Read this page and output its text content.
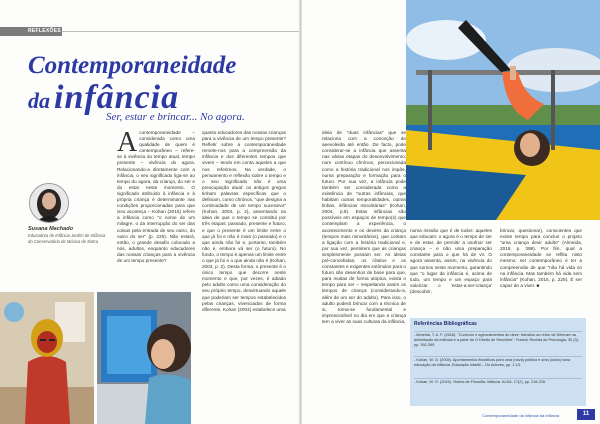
REFLEXÕES
Contemporaneidade
da infância
Ser, estar e brincar... No agora.
Susana Machado
Educadora de Infância Jardim de Infância do Conservatório de Música de Sintra
A contemporaneidade – considerada como uma qualidade de quem é contemporâneo – refere-se à vivência do tempo atual, tempo presente – vivência do agora. Relacionando-a diretamente com a infância, o seu significado liga-se ao tempo do agora, da criança, do ser e do estar neste momento. O significado atribuído à infância e à própria criança é determinante nas condições proporcionadas para que isso aconteça – Kohan (2015) refere a infância como "o nome de um milagre, o da interrupção do ser das coisas pela entrada de seu outro, do outro do ser" (p. 225). Não estará, então, o grande desafio colocado a nós, adultos, enquanto educadores das nossas crianças para a vivência de um tempo presente?

quanto educadores das nossas crianças para a vivência de um tempo presente? Refletir sobre a contemporaneidade remete-nos para a compreensão da infância e dos diferentes tempos que vivem – tendo em conta aqueles a que nos referimos. Na verdade, o pensamento e reflexão sobre o tempo e o seu significado não é uma preocupação atual: os antigos gregos tinham palavras específicas que o definiam, como chrónos, "que designa a continuidade de um tempo sucessivo" (Kohan, 2004, p. 2), assentando na ideia de que o tempo se constitui por três etapas: passado, presente e futuro, e que o presente é um limite entre o que já foi e não é mais (o passado) e o que ainda não foi e, portanto, também não é, embora vá ser (o futuro). No fundo, o tempo é apenas um limite entre o que já foi e o que ainda não é (Kohan, 2004, p. 2). Desta forma, o presente é o único tempo que decorre neste momento e que, por vezes, é adiado pelo adulto como uma consideração do seu próprio tempo, desvirtuando aquele que poderiam ser tempos estabelecidos pelas crianças, vivenciados de forma diferente. Kohan (2004) estabelece uma

ideia de "duas infâncias" que se relaciona com a conceção de aeevoleida até então. De facto, pode considerar-se a infância que assenta nas várias etapas do desenvolvimento, num contínuo chrónos, percecionada como a história tradicional nos impõe, numa preparação e formação para o futuro. Por sua vez, a infância pode também ser considerada como a existência de "outras infâncias, que habitam outras temporalidades, outras linhas, infâncias minoritárias" (Kohan, 2004, p.8). Estas infâncias são possíveis em espaços de tempo(s) que contemplam a experiência, o acontecimento e os devires da criança (tempos mais minoritários), que contam a ligação com a história tradicional e, por sua vez, permitem que as crianças simplesmente possam ser. As ideias pré-concebidas, os rótulos e os constantes e exigentes estímulos para o futuro são desenhos de base para que, para muitas de forma utópica, exista o tempo para ser – respeitando assim os tempos de criança (considerando-a, além de um ser do adulto). Para isso, o adulto poderá brincar com a técnica de si, torna-se fundamental e imprescindível no dia em que a criança tem a viver as suas culturas da infância,

numa missão que é de todos: aqueles que educam: o agora é o tempo de ser e de estar, de permitir a usufruir ser criança – e não uma preparação constante para o que há de vir. O agora assenta, assim, na vivência do que somos neste momento, garantindo que "o lugar da infância é, acima de tudo, um tempo e um espaço para valorizar o 'estar-a-ser-criança' (descobrir,

brincar, questionar), conscientes que existe tempo para concluir o projeto "uma criança devir adulto" (Almeida, 2018, p. 398). Por fim, qual a contemporaneidade se reflita nisto mesmo: ser contemporâneo é ter a compreensão de que "não há vida só na infância. Mas também há vida sem infância" (Kohan, 2015, p. 225). É ser capaz de a viver. ■

Referências Bibliográficas
- Almeida, T. A. F. (2018). "Currículo e agenciamentos do devir: trânsitos ao redor de Deleuze na delimitação da infância e a parte de O Direito de Reuniões". Fractal: Revista de Psicologia, 30 (3), pp. 392-399.
- Kohan, W. O. (2004). Apontamentos filosóficos para uma (nova) política e uma (outra) nova educação da infância. Educação infantil – Os Autores, pp. 1-13.
- Kohan, W. O. (2015). Visões de Filosofia: infância. ALEA, 17(2), pp. 216-226.
Contemporaneidade da infância da infância	11
